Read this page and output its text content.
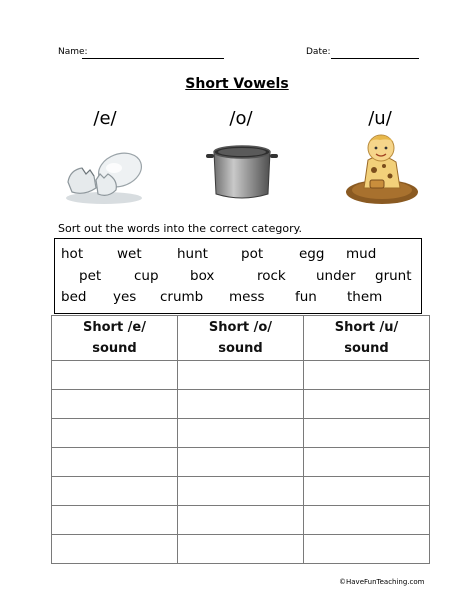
Name:	Date:
Short Vowels
/e/	/o/	/u/
Sort out the words into the correct category.
hot	wet	hunt pot	egg mud
pet cup box	rock under grunt
bed yes crumb mess fun them
Short /e/
sound	Short /o/
sound	Short /u/
sound

©HaveFunTeaching.com
